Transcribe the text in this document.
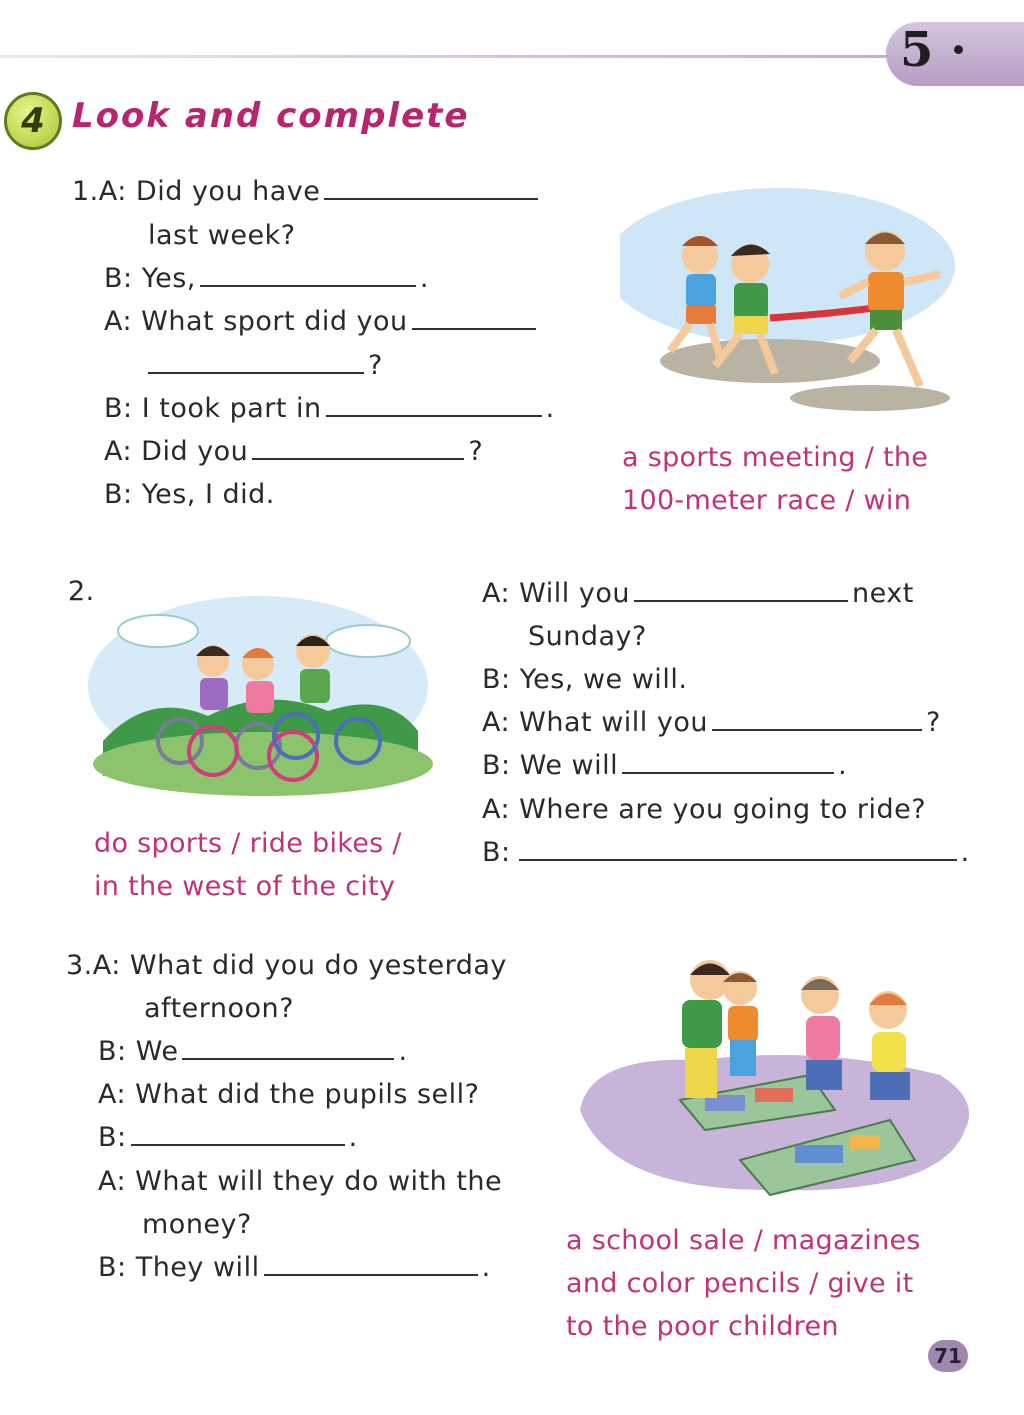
5 ·
4 Look and complete
1.A: Did you have
last week?
B: Yes,	.
A: What sport did you
?
B: I took part in	.
A: Did you	?
B: Yes, I did.
a sports meeting / the
100-meter race / win
2.	A: Will you	next
Sunday?
B: Yes, we will.
A: What will you	?
B: We will	.
A: Where are you going to ride?
B:	.
do sports / ride bikes /
in the west of the city
3.A: What did you do yesterday
afternoon?
B: We	.
A: What did the pupils sell?
B:	.
A: What will they do with the
money?
B: They will	.
a school sale / magazines
and color pencils / give it
to the poor children
71
